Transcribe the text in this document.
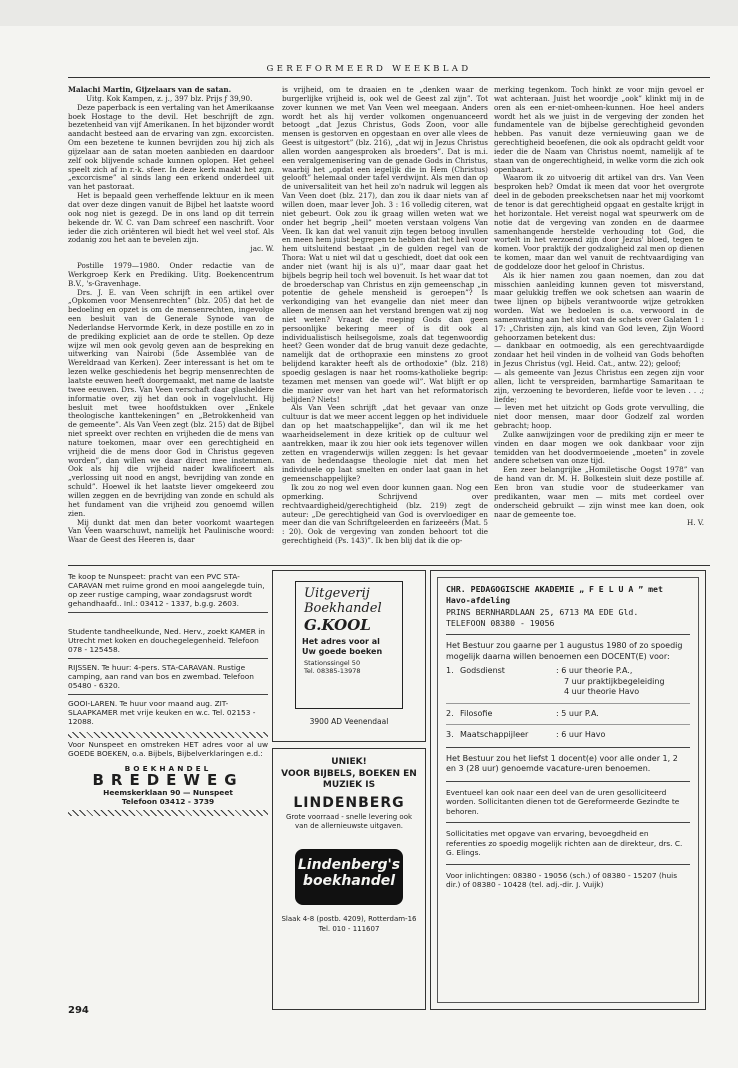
GEREFORMEERD WEEKBLAD

Malachi Martin, Gijzelaars van de satan.

Uitg. Kok Kampen, z. j., 397 blz. Prijs ƒ 39,90.

Deze paperback is een vertaling van het Amerikaanse boek Hostage to the devil. Het beschrijft de zgn. bezetenheid van vijf Amerikanen. In het bijzonder wordt aandacht besteed aan de ervaring van zgn. excorcisten. Om een bezetene te kunnen bevrijden zou hij zich als gijzelaar aan de satan moeten aanbieden en daardoor zelf ook blijvende schade kunnen oplopen. Het geheel speelt zich af in r.-k. sfeer. In deze kerk maakt het zgn. „excorcisme” al sinds lang een erkend onderdeel uit van het pastoraat.

Het is bepaald geen verheffende lektuur en ik meen dat over deze dingen vanuit de Bijbel het laatste woord ook nog niet is gezegd. De in ons land op dit terrein bekende dr. W. C. van Dam schreef een naschrift. Voor ieder die zich oriënteren wil biedt het wel veel stof. Als zodanig zou het aan te bevelen zijn.

jac. W.

Postille 1979—1980. Onder redactie van de Werkgroep Kerk en Prediking. Uitg. Boekencentrum B.V., 's-Gravenhage.

Drs. J. E. van Veen schrijft in een artikel over „Opkomen voor Mensenrechten” (blz. 205) dat het de bedoeling en opzet is om de mensenrechten, ingevolge een besluit van de Generale Synode van de Nederlandse Hervormde Kerk, in deze postille en zo in de prediking expliciet aan de orde te stellen. Op deze wijze wil men ook gevolg geven aan de bespreking en uitwerking van Nairobi (5de Assemblée van de Wereldraad van Kerken). Zeer interessant is het om te lezen welke geschiedenis het begrip mensenrechten de laatste eeuwen heeft doorgemaakt, met name de laatste twee eeuwen. Drs. Van Veen verschaft daar glasheldere informatie over, zij het dan ook in vogelvlucht. Hij besluit met twee hoofdstukken over „Enkele theologische kanttekeningen” en „Betrokkenheid van de gemeente”. Als Van Veen zegt (blz. 215) dat de Bijbel niet spreekt over rechten en vrijheden die de mens van nature toekomen, maar over een gerechtigheid en vrijheid die de mens door God in Christus gegeven worden”, dan willen we daar direct mee instemmen. Ook als hij die vrijheid nader kwalificeert als „verlossing uit nood en angst, bevrijding van zonde en schuld”. Hoewel ik het laatste liever omgekeerd zou willen zeggen en de bevrijding van zonde en schuld als het fundament van die vrijheid zou genoemd willen zien.

Mij dunkt dat men dan beter voorkomt waartegen Van Veen waarschuwt, namelijk het Paulinische woord: Waar de Geest des Heeren is, daar

is vrijheid, om te draaien en te „denken waar de burgerlijke vrijheid is, ook wel de Geest zal zijn”. Tot zover kunnen we met Van Veen wel meegaan. Anders wordt het als hij verder volkomen ongenuanceerd betoogt „dat Jezus Christus, Gods Zoon, voor alle mensen is gestorven en opgestaan en over alle vlees de Geest is uitgestort” (blz. 216), „dat wij in Jezus Christus allen worden aangesproken als broeders”. Dat is m.i. een veralgemenisering van de genade Gods in Christus, waarbij het „opdat een iegelijk die in Hem (Christus) gelooft” helemaal onder tafel verdwijnt. Als men dan op de universaliteit van het heil zo'n nadruk wil leggen als Van Veen doet (blz. 217), dan zou ik daar niets van af willen doen, maar lever Joh. 3 : 16 volledig citeren, wat niet gebeurt. Ook zou ik graag willen weten wat we onder het begrip „heil” moeten verstaan volgens Van Veen. Ik kan dat wel vanuit zijn tegen betoog invullen en meen hem juist begrepen te hebben dat het heil voor hem uitsluitend bestaat „in de gulden regel van de Thora: Wat u niet wil dat u geschiedt, doet dat ook een ander niet (want hij is als u)”, maar daar gaat het bijbels begrip heil toch wel bovenuit. Is het waar dat tot de broederschap van Christus en zijn gemeenschap „in potentie de gehele mensheid is geroepen”? Is verkondiging van het evangelie dan niet meer dan alleen de mensen aan het verstand brengen wat zij nog niet weten? Vraagt de roeping Gods dan geen persoonlijke bekering meer of is dit ook al individualistisch heilsegoïsme, zoals dat tegenwoordig heet? Geen wonder dat de brug vanuit deze gedachte, namelijk dat de orthopraxie een minstens zo groot belijdend karakter heeft als de orthodoxie” (blz. 218) spoedig geslagen is naar het rooms-katholieke begrip: tezamen met mensen van goede wil”. Wat blijft er op die manier over van het hart van het reformatorisch belijden? Niets!

Als Van Veen schrijft „dat het gevaar van onze cultuur is dat we meer accent leggen op het individuele dan op het maatschappelijke”, dan wil ik me het waarheidselement in deze kritiek op de cultuur wel aantrekken, maar ik zou hier ook iets tegenover willen zetten en vragenderwijs willen zeggen: Is het gevaar van de hedendaagse theologie niet dat men het individuele op laat smelten en onder laat gaan in het gemeenschappelijke?

Ik zou zo nog wel even door kunnen gaan. Nog een opmerking. Schrijvend over rechtvaardigheid/gerechtigheid (blz. 219) zegt de auteur: „De gerechtigheid van God is overvloediger en meer dan die van Schriftgeleerden en farizeeërs (Mat. 5 : 20). Ook de vergeving van zonden behoort tot die gerechtigheid (Ps. 143)”. Ik ben blij dat ik die op-

merking tegenkom. Toch hinkt ze voor mijn gevoel er wat achteraan. Juist het woordje „ook” klinkt mij in de oren als een er-niet-omheen-kunnen. Hoe heel anders wordt het als we juist in de vergeving der zonden het fundamentele van de bijbelse gerechtigheid gevonden hebben. Pas vanuit deze vernieuwing gaan we de gerechtigheid beoefenen, die ook als opdracht geldt voor ieder die de Naam van Christus noemt, namelijk af te staan van de ongerechtigheid, in welke vorm die zich ook openbaart.

Waarom ik zo uitvoerig dit artikel van drs. Van Veen besproken heb? Omdat ik meen dat voor het overgrote deel in de geboden preekschetsen naar het mij voorkomt de tenor is dat gerechtigheid opgaat en gestalte krijgt in het horizontale. Het vereist nogal wat speurwerk om de notie dat de vergeving van zonden en de daarmee samenhangende herstelde verhouding tot God, die wortelt in het verzoend zijn door Jezus' bloed, tegen te komen. Voor praktijk der godzaligheid zal men op dienen te komen, maar dan wel vanuit de rechtvaardiging van de goddeloze door het geloof in Christus.

Als ik hier namen zou gaan noemen, dan zou dat misschien aanleiding kunnen geven tot misverstand, maar gelukkig treffen we ook schetsen aan waarin de twee lijnen op bijbels verantwoorde wijze getrokken worden. Wat we bedoelen is o.a. verwoord in de samenvatting aan het slot van de schets over Galaten 1 : 17: „Christen zijn, als kind van God leven, Zijn Woord gehoorzamen betekent dus:

— dankbaar en ootmoedig, als een gerechtvaardigde zondaar het heil vinden in de volheid van Gods behoften in Jezus Christus (vgl. Heid. Cat., antw. 22); geloof;

— als gemeente van Jezus Christus een zegen zijn voor allen, licht te verspreiden, barmhartige Samaritaan te zijn, verzoening te bevorderen, liefde voor te leven . . .; liefde;

— leven met het uitzicht op Gods grote vervulling, die niet door mensen, maar door Godzelf zal worden gebracht; hoop.

Zulke aanwijzingen voor de prediking zijn er meer te vinden en daar mogen we ook dankbaar voor zijn temidden van het doodvermoeiende „moeten” in zovele andere schetsen van onze tijd.

Een zeer belangrijke „Homiletische Oogst 1978” van de hand van dr. M. H. Bolkestein sluit deze postille af. Een bron van studie voor de studeerkamer van predikanten, waar men — mits met cordeel over onderscheid gebruikt — zijn winst mee kan doen, ook naar de gemeente toe.

H. V.
Te koop te Nunspeet: pracht van een PVC STA-CARAVAN met ruime grond en mooi aangelegde tuin, op zeer rustige camping, waar zondagsrust wordt gehandhaafd.. Inl.: 03412 - 1337, b.g.g. 2603.
Studente tandheelkunde, Ned. Herv., zoekt KAMER in Utrecht met koken en douchegelegenheid. Telefoon 078 - 125458.
RIJSSEN. Te huur: 4-pers. STA-CARAVAN. Rustige camping, aan rand van bos en zwembad. Telefoon 05480 - 6320.
GOOI-LAREN. Te huur voor maand aug. ZIT-SLAAPKAMER met vrije keuken en w.c. Tel. 02153 - 12088.
Voor Nunspeet en omstreken HET adres voor al uw GOEDE BOEKEN, o.a. Bijbels, Bijbelverklaringen e.d.:
BOEKHANDEL
BREDEWEG
Heemskerklaan 90 — Nunspeet
Telefoon 03412 - 3739
Uitgeverij
Boekhandel
G.KOOL
Het adres voor al Uw goede boeken
Stationssingel 50
Tel. 08385-13978
3900 AD Veenendaal
UNIEK!
VOOR BIJBELS, BOEKEN EN MUZIEK IS
LINDENBERG
Grote voorraad - snelle levering ook van de allernieuwste uitgaven.
Lindenberg's
boekhandel
Slaak 4-8 (postb. 4209), Rotterdam-16
Tel. 010 - 111607
CHR. PEDAGOGISCHE AKADEMIE „ F E L U A ” met Havo-afdeling
PRINS BERNHARDLAAN 25, 6713 MA EDE Gld.
TELEFOON 08380 - 19056
Het Bestuur zou gaarne per 1 augustus 1980 of zo spoedig mogelijk daarna willen benoemen een DOCENT(E) voor:
1. Godsdienst	: 6 uur theorie P.A.,
7 uur praktijkbegeleiding
4 uur theorie Havo
2. Filosofie	: 5 uur P.A.
3. Maatschappijleer	: 6 uur Havo
Het Bestuur zou het liefst 1 docent(e) voor alle onder 1, 2 en 3 (28 uur) genoemde vacature-uren benoemen.
Eventueel kan ook naar een deel van de uren gesolliciteerd worden. Sollicitanten dienen tot de Gereformeerde Gezindte te behoren.
Sollicitaties met opgave van ervaring, bevoegdheid en referenties zo spoedig mogelijk richten aan de direkteur, drs. C. G. Elings.
Voor inlichtingen: 08380 - 19056 (sch.) of 08380 - 15207 (huis dir.) of 08380 - 10428 (tel. adj.-dir. J. Vuijk)
294
